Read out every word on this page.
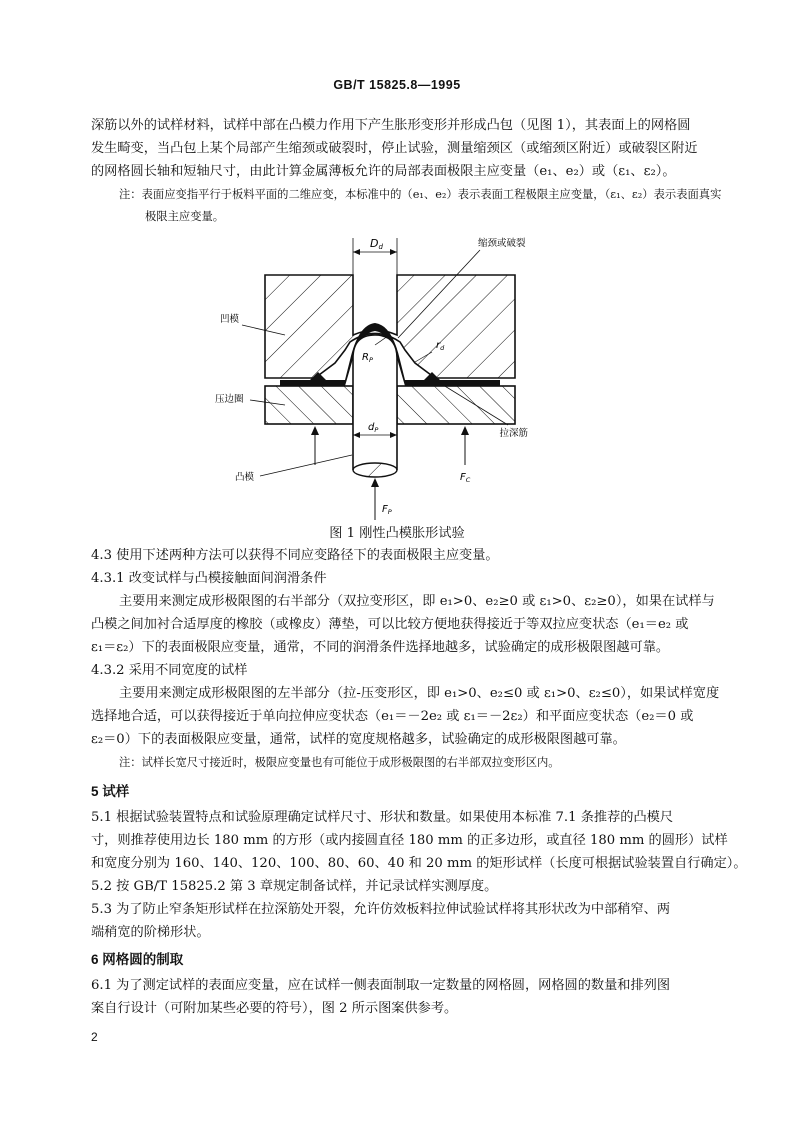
GB/T 15825.8—1995
深筋以外的试样材料，试样中部在凸模力作用下产生胀形变形并形成凸包（见图 1），其表面上的网格圆
发生畸变，当凸包上某个局部产生缩颈或破裂时，停止试验，测量缩颈区（或缩颈区附近）或破裂区附近
的网格圆长轴和短轴尺寸，由此计算金属薄板允许的局部表面极限主应变量（e₁、e₂）或（ε₁、ε₂）。
注：表面应变指平行于板料平面的二维应变，本标准中的（e₁、e₂）表示表面工程极限主应变量，（ε₁、ε₂）表示表面真实
极限主应变量。
Dd	缩颈或破裂
凹模
$R_P$
$r_d$
压边圈
$d_P$	拉深筋
$F_C$
凸模
$F_P$
图 1 刚性凸模胀形试验
4.3 使用下述两种方法可以获得不同应变路径下的表面极限主应变量。
4.3.1 改变试样与凸模接触面间润滑条件
主要用来测定成形极限图的右半部分（双拉变形区，即 e₁>0、e₂≥0 或 ε₁>0、ε₂≥0），如果在试样与
凸模之间加衬合适厚度的橡胶（或橡皮）薄垫，可以比较方便地获得接近于等双拉应变状态（e₁＝e₂ 或
ε₁＝ε₂）下的表面极限应变量，通常，不同的润滑条件选择地越多，试验确定的成形极限图越可靠。
4.3.2 采用不同宽度的试样
主要用来测定成形极限图的左半部分（拉-压变形区，即 e₁>0、e₂≤0 或 ε₁>0、ε₂≤0），如果试样宽度
选择地合适，可以获得接近于单向拉伸应变状态（e₁＝－2e₂ 或 ε₁＝－2ε₂）和平面应变状态（e₂＝0 或
ε₂＝0）下的表面极限应变量，通常，试样的宽度规格越多，试验确定的成形极限图越可靠。
注：试样长宽尺寸接近时，极限应变量也有可能位于成形极限图的右半部双拉变形区内。
5 试样
5.1 根据试验装置特点和试验原理确定试样尺寸、形状和数量。如果使用本标准 7.1 条推荐的凸模尺
寸，则推荐使用边长 180 mm 的方形（或内接圆直径 180 mm 的正多边形，或直径 180 mm 的圆形）试样
和宽度分别为 160、140、120、100、80、60、40 和 20 mm 的矩形试样（长度可根据试验装置自行确定）。
5.2 按 GB/T 15825.2 第 3 章规定制备试样，并记录试样实测厚度。
5.3 为了防止窄条矩形试样在拉深筋处开裂，允许仿效板料拉伸试验试样将其形状改为中部稍窄、两
端稍宽的阶梯形状。
6 网格圆的制取
6.1 为了测定试样的表面应变量，应在试样一侧表面制取一定数量的网格圆，网格圆的数量和排列图
案自行设计（可附加某些必要的符号），图 2 所示图案供参考。
2
